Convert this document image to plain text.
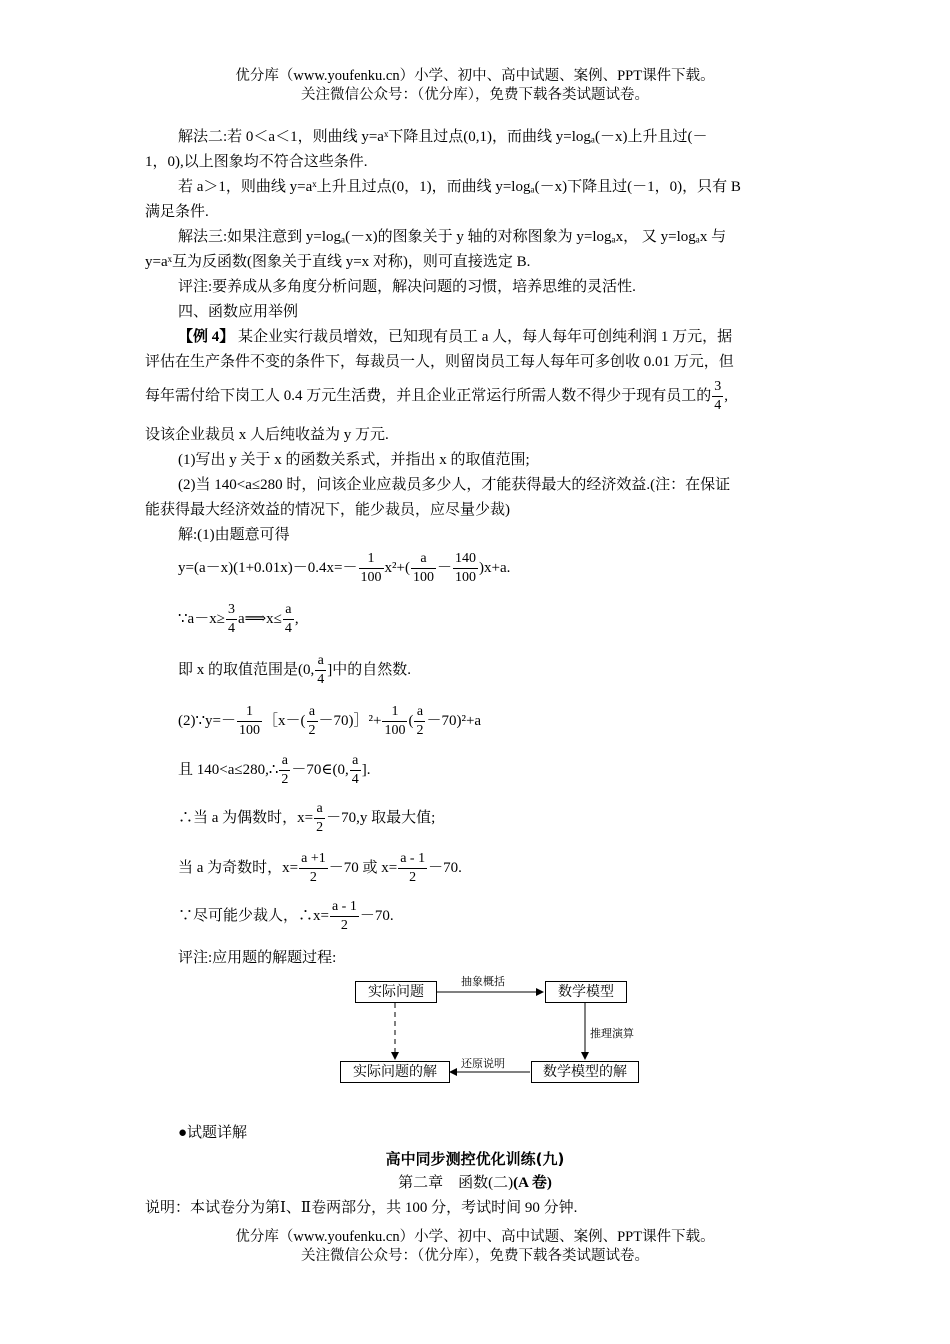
优分库（www.youfenku.cn）小学、初中、高中试题、案例、PPT课件下载。
关注微信公众号：（优分库），免费下载各类试题试卷。
解法二:若 0＜a＜1，则曲线 y=aˣ下降且过点(0,1)，而曲线 y=logₐ(－x)上升且过(－
1，0),以上图象均不符合这些条件.
若 a＞1，则曲线 y=aˣ上升且过点(0，1)，而曲线 y=logₐ(－x)下降且过(－1，0)，只有 B
满足条件.
解法三:如果注意到 y=logₐ(－x)的图象关于 y 轴的对称图象为 y=logₐx， 又 y=logₐx 与
y=aˣ互为反函数(图象关于直线 y=x 对称)，则可直接选定 B.
评注:要养成从多角度分析问题，解决问题的习惯，培养思维的灵活性.
四、函数应用举例
【例 4】 某企业实行裁员增效，已知现有员工 a 人，每人每年可创纯利润 1 万元，据
评估在生产条件不变的条件下，每裁员一人，则留岗员工每人每年可多创收 0.01 万元，但
每年需付给下岗工人 0.4 万元生活费，并且企业正常运行所需人数不得少于现有员工的 $\frac{3}{4}$ ,
设该企业裁员 x 人后纯收益为 y 万元.
(1)写出 y 关于 x 的函数关系式，并指出 x 的取值范围;
(2)当 140<a≤280 时，问该企业应裁员多少人，才能获得最大的经济效益.(注：在保证
能获得最大经济效益的情况下，能少裁员，应尽量少裁)
解:(1)由题意可得
$y=(a-x)(1+0.01x)-0.4x=- \frac{1}{100} x^2+( \frac{a}{100} - \frac{140}{100} )x+a$.
∵a－x≥ $\frac{3}{4}$ a⟹x≤ $\frac{a}{4}$ ,
即 x 的取值范围是(0, $\frac{a}{4}$ ]中的自然数.
(2)∵y=－ $\frac{1}{100}$ ［x－( $\frac{a}{2}$ －70)］²+ $\frac{1}{100}$ ( $\frac{a}{2} -70)^2+a$
且 140<a≤280,∴ $\frac{a}{2}$ －70∈(0, $\frac{a}{4}$ ].
∴当 a 为偶数时，$x= \frac{a}{2} -70,y$ 取最大值;
当 a 为奇数时，$x= \frac{a +1}{2} -70$ 或 $x= \frac{a - 1}{2} -70$.
∵尽可能少裁人，∴x= $\frac{a - 1}{2} -70$.
评注:应用题的解题过程:
实际问题	数学模型
实际问题的解	数学模型的解
抽象概括
推理演算
还原说明
●试题详解
高中同步测控优化训练(九)
第二章　函数(二)(A 卷)
说明：本试卷分为第Ⅰ、Ⅱ卷两部分，共 100 分，考试时间 90 分钟.
优分库（www.youfenku.cn）小学、初中、高中试题、案例、PPT课件下载。
关注微信公众号：（优分库），免费下载各类试题试卷。
